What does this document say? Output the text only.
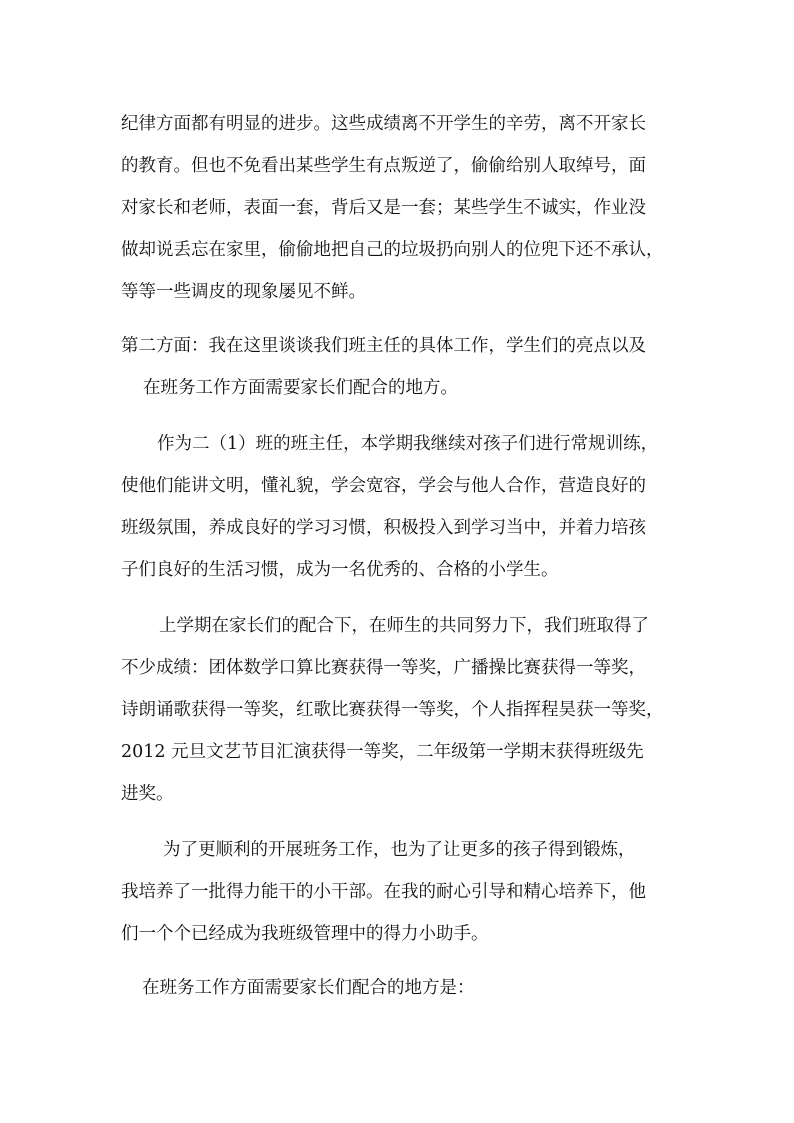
纪律方面都有明显的进步。这些成绩离不开学生的辛劳，离不开家长
的教育。但也不免看出某些学生有点叛逆了，偷偷给别人取绰号，面
对家长和老师，表面一套，背后又是一套；某些学生不诚实，作业没
做却说丢忘在家里，偷偷地把自己的垃圾扔向别人的位兜下还不承认，
等等一些调皮的现象屡见不鲜。
第二方面：我在这里谈谈我们班主任的具体工作，学生们的亮点以及
在班务工作方面需要家长们配合的地方。
作为二（1）班的班主任，本学期我继续对孩子们进行常规训练，
使他们能讲文明，懂礼貌，学会宽容，学会与他人合作，营造良好的
班级氛围，养成良好的学习习惯，积极投入到学习当中，并着力培孩
子们良好的生活习惯，成为一名优秀的、合格的小学生。
上学期在家长们的配合下，在师生的共同努力下，我们班取得了
不少成绩：团体数学口算比赛获得一等奖，广播操比赛获得一等奖，
诗朗诵歌获得一等奖，红歌比赛获得一等奖，个人指挥程昊获一等奖，
2012 元旦文艺节目汇演获得一等奖，二年级第一学期末获得班级先
进奖。
为了更顺利的开展班务工作，也为了让更多的孩子得到锻炼，
我培养了一批得力能干的小干部。在我的耐心引导和精心培养下，他
们一个个已经成为我班级管理中的得力小助手。
在班务工作方面需要家长们配合的地方是：
